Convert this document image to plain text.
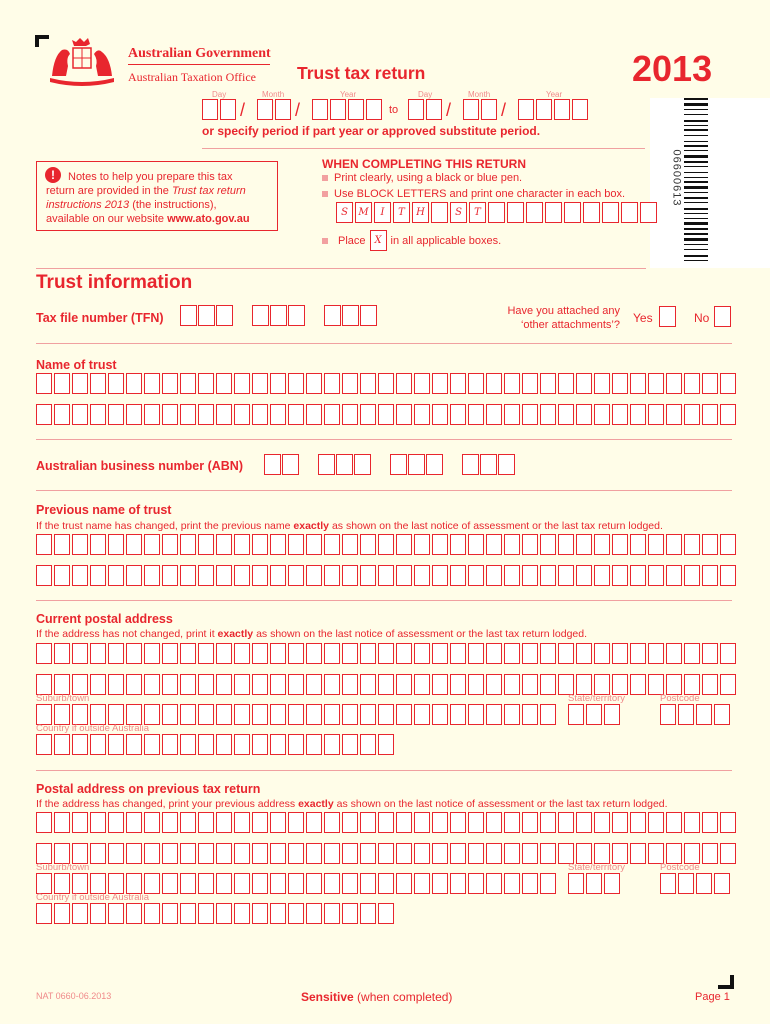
Australian Government
Australian Taxation Office Trust tax return	2013
Day	Month	Year	Day	Month	Year
/	/	to	/	/
or specify period if part year or approved substitute period.
06600613
!	Notes to help you prepare this tax
return are provided in the Trust tax return
instructions 2013 (the instructions),
available on our website www.ato.gov.au
WHEN COMPLETING THIS RETURN
Print clearly, using a black or blue pen.
Use BLOCK LETTERS and print one character in each box.
S	M	I	T	H	S	T
Place X in all applicable boxes.
Trust information
Tax file number (TFN)	Have you attached any
‘other attachments’? Yes	No
Name of trust
Australian business number (ABN)
Previous name of trust
If the trust name has changed, print the previous name exactly as shown on the last notice of assessment or the last tax return lodged.
Current postal address
If the address has not changed, print it exactly as shown on the last notice of assessment or the last tax return lodged.
Suburb/town	State/territory	Postcode
Country if outside Australia
Postal address on previous tax return
If the address has changed, print your previous address exactly as shown on the last notice of assessment or the last tax return lodged.
Suburb/town	State/territory	Postcode
Country if outside Australia
NAT 0660-06.2013	Sensitive (when completed)	Page 1
